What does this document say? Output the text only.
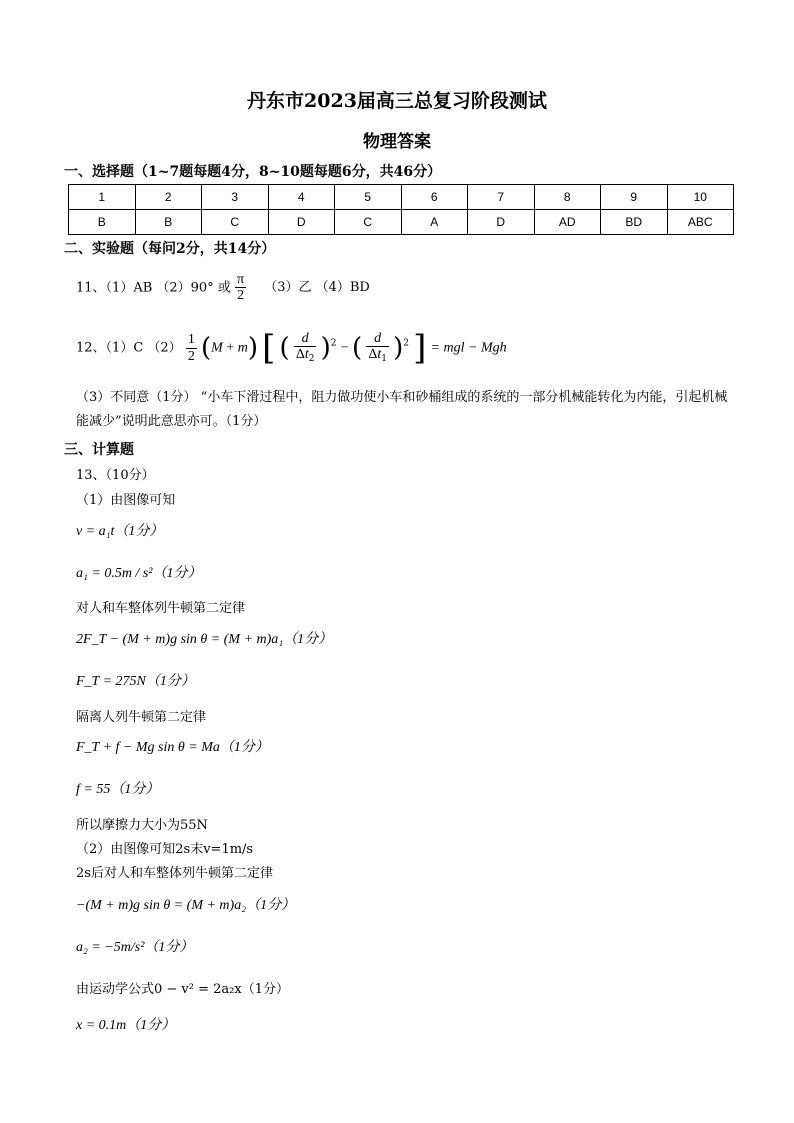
丹东市2023届高三总复习阶段测试
物理答案
一、选择题（1~7题每题4分，8~10题每题6分，共46分）
1	2	3	4	5	6	7	8	9	10
B	B	C	D	C	A	D	AD	BD	ABC
二、实验题（每问2分，共14分）
11、（1）AB （2）90° 或 $\frac{\pi}{2} (3)$乙 （4）BD
12、（1）C $(2) \frac{1}{2} (M + m)$ [ ( $\frac{d}{\Delta t_2} )^2$ − ( $\frac{d}{\Delta t_1} )^2$ ] = mgl − Mgh
（3）不同意（1分） “小车下滑过程中，阻力做功使小车和砂桶组成的系统的一部分机械能转化为内能，引起机械能减少”说明此意思亦可。（1分）
三、计算题
13、（10分）
（1）由图像可知
v = a₁t（1分）
a₁ = 0.5m / s²（1分）
对人和车整体列牛顿第二定律
2F_T − (M + m)g sin θ = (M + m)a₁（1分）
F_T = 275N（1分）
隔离人列牛顿第二定律
F_T + f − Mg sin θ = Ma（1分）
f = 55（1分）
所以摩擦力大小为55N
（2）由图像可知2s末v=1m/s
2s后对人和车整体列牛顿第二定律
−(M + m)g sin θ = (M + m)a₂（1分）
a₂ = −5m/s²（1分）
由运动学公式0 − v² = 2a₂x（1分）
x = 0.1m（1分）
